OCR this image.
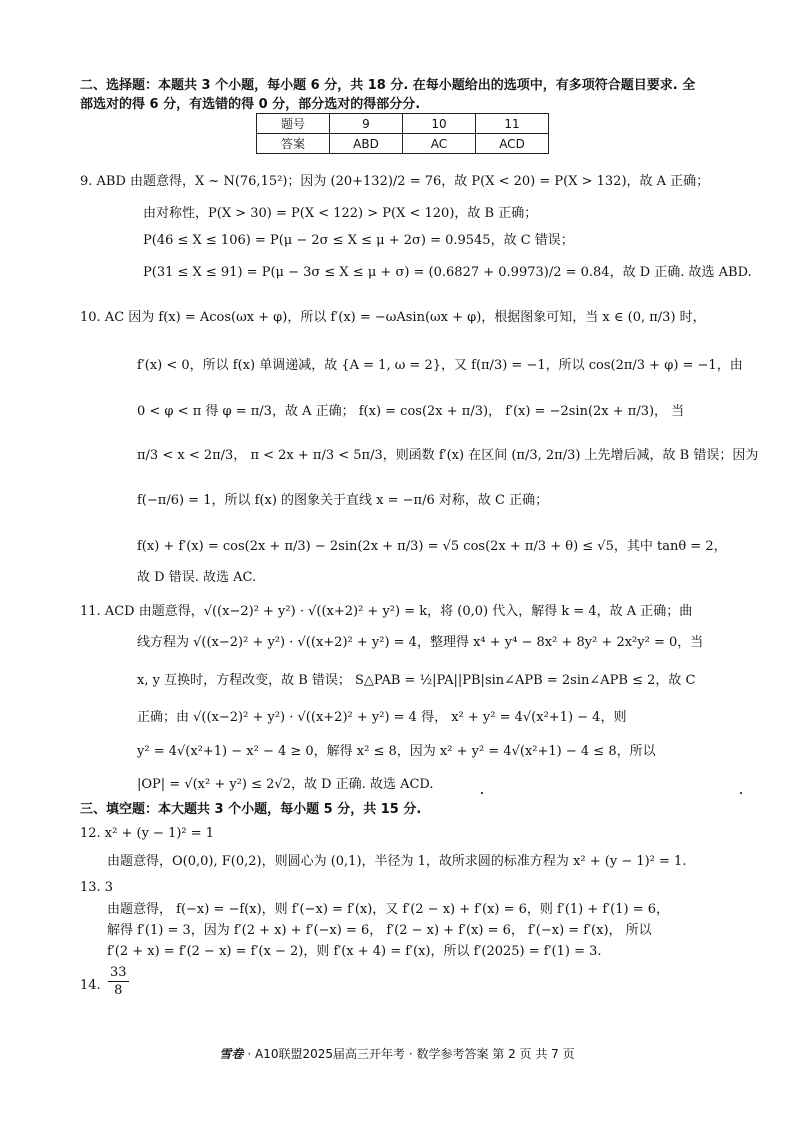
二、选择题：本题共 3 个小题，每小题 6 分，共 18 分. 在每小题给出的选项中，有多项符合题目要求. 全
部选对的得 6 分，有选错的得 0 分，部分选对的得部分分.
题号	9	10	11
答案	ABD	AC	ACD
9. ABD 由题意得，X ~ N(76,15²)；因为 (20+132)/2 = 76，故 P(X < 20) = P(X > 132)，故 A 正确；
由对称性，P(X > 30) = P(X < 122) > P(X < 120)，故 B 正确；
P(46 ≤ X ≤ 106) = P(μ − 2σ ≤ X ≤ μ + 2σ) = 0.9545，故 C 错误；
P(31 ≤ X ≤ 91) = P(μ − 3σ ≤ X ≤ μ + σ) = (0.6827 + 0.9973)/2 = 0.84，故 D 正确. 故选 ABD.
10. AC 因为 f(x) = Acos(ωx + φ)，所以 f′(x) = −ωAsin(ωx + φ)，根据图象可知，当 x ∈ (0, π/3) 时，
f′(x) < 0，所以 f(x) 单调递减，故 {A = 1, ω = 2}，又 f(π/3) = −1，所以 cos(2π/3 + φ) = −1，由
0 < φ < π 得 φ = π/3，故 A 正确； f(x) = cos(2x + π/3)， f′(x) = −2sin(2x + π/3)， 当
π/3 < x < 2π/3， π < 2x + π/3 < 5π/3，则函数 f′(x) 在区间 (π/3, 2π/3) 上先增后减，故 B 错误；因为
f(−π/6) = 1，所以 f(x) 的图象关于直线 x = −π/6 对称，故 C 正确；
f(x) + f′(x) = cos(2x + π/3) − 2sin(2x + π/3) = √5 cos(2x + π/3 + θ) ≤ √5，其中 tanθ = 2，
故 D 错误. 故选 AC.
11. ACD 由题意得，√((x−2)² + y²) · √((x+2)² + y²) = k，将 (0,0) 代入，解得 k = 4，故 A 正确；曲
线方程为 √((x−2)² + y²) · √((x+2)² + y²) = 4，整理得 x⁴ + y⁴ − 8x² + 8y² + 2x²y² = 0，当
x, y 互换时，方程改变，故 B 错误； S△PAB = ½|PA||PB|sin∠APB = 2sin∠APB ≤ 2，故 C
正确；由 √((x−2)² + y²) · √((x+2)² + y²) = 4 得， x² + y² = 4√(x²+1) − 4，则
y² = 4√(x²+1) − x² − 4 ≥ 0，解得 x² ≤ 8，因为 x² + y² = 4√(x²+1) − 4 ≤ 8，所以
|OP| = √(x² + y²) ≤ 2√2，故 D 正确. 故选 ACD.
三、填空题：本大题共 3 个小题，每小题 5 分，共 15 分.
12. x² + (y − 1)² = 1
由题意得，O(0,0), F(0,2)，则圆心为 (0,1)，半径为 1，故所求圆的标准方程为 x² + (y − 1)² = 1.
13. 3
由题意得， f(−x) = −f(x)，则 f′(−x) = f′(x)，又 f′(2 − x) + f′(x) = 6，则 f′(1) + f′(1) = 6，
解得 f′(1) = 3，因为 f′(2 + x) + f′(−x) = 6， f′(2 − x) + f′(x) = 6， f′(−x) = f′(x)， 所以
f′(2 + x) = f′(2 − x) = f′(x − 2)，则 f′(x + 4) = f′(x)，所以 f′(2025) = f′(1) = 3.
14. $\frac{33}{8}$
雪卷 · A10联盟2025届高三开年考 · 数学参考答案 第 2 页 共 7 页
